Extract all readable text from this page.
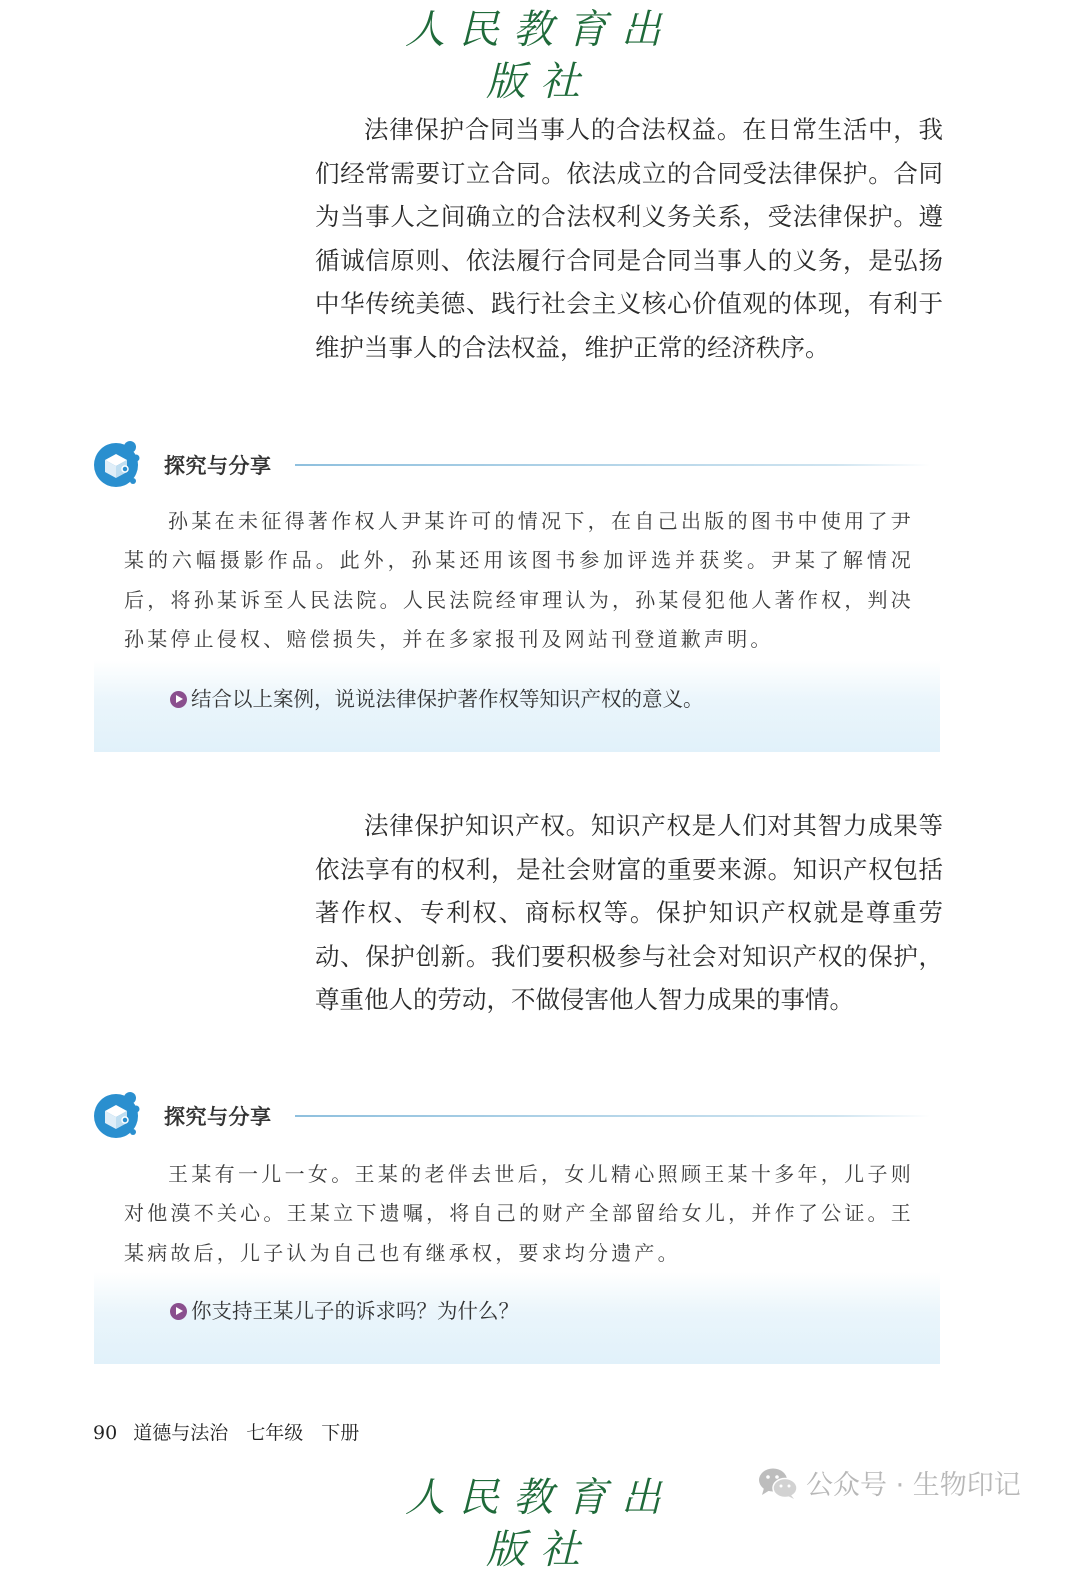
人民教育出版社

法律保护合同当事人的合法权益。在日常生活中，我们经常需要订立合同。依法成立的合同受法律保护。合同为当事人之间确立的合法权利义务关系，受法律保护。遵循诚信原则、依法履行合同是合同当事人的义务，是弘扬中华传统美德、践行社会主义核心价值观的体现，有利于维护当事人的合法权益，维护正常的经济秩序。

探究与分享

孙某在未征得著作权人尹某许可的情况下，在自己出版的图书中使用了尹某的六幅摄影作品。此外，孙某还用该图书参加评选并获奖。尹某了解情况后，将孙某诉至人民法院。人民法院经审理认为，孙某侵犯他人著作权，判决孙某停止侵权、赔偿损失，并在多家报刊及网站刊登道歉声明。

结合以上案例，说说法律保护著作权等知识产权的意义。

法律保护知识产权。知识产权是人们对其智力成果等依法享有的权利，是社会财富的重要来源。知识产权包括著作权、专利权、商标权等。保护知识产权就是尊重劳动、保护创新。我们要积极参与社会对知识产权的保护，尊重他人的劳动，不做侵害他人智力成果的事情。

探究与分享

王某有一儿一女。王某的老伴去世后，女儿精心照顾王某十多年，儿子则对他漠不关心。王某立下遗嘱，将自己的财产全部留给女儿，并作了公证。王某病故后，儿子认为自己也有继承权，要求均分遗产。

你支持王某儿子的诉求吗？为什么？
90 道德与法治 七年级 下册
人民教育出版社
公众号 · 生物印记
